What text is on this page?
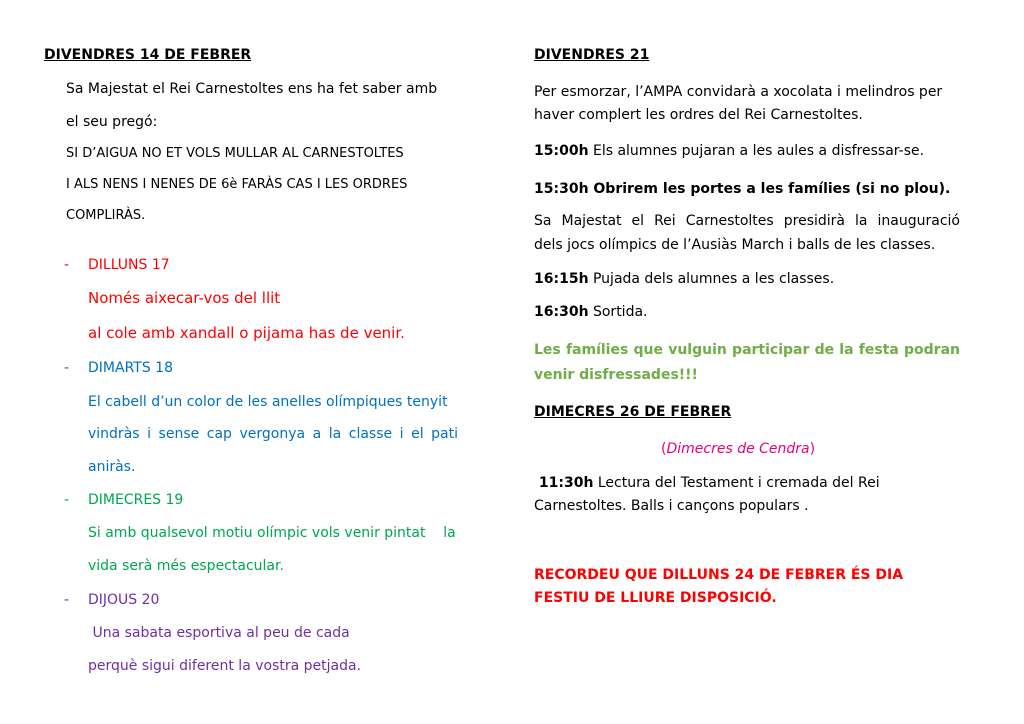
DIVENDRES 14 DE FEBRER
Sa Majestat el Rei Carnestoltes ens ha fet saber amb
el seu pregó:
SI D’AIGUA NO ET VOLS MULLAR AL CARNESTOLTES
I ALS NENS I NENES DE 6è FARÀS CAS I LES ORDRES
COMPLIRÀS.
- DILLUNS 17
Només aixecar-vos del llit
al cole amb xandall o pijama has de venir.
- DIMARTS 18
El cabell d’un color de les anelles olímpiques tenyit
vindràs i sense cap vergonya a la classe i el pati
aniràs.
- DIMECRES 19
Si amb qualsevol motiu olímpic vols venir pintat    la
vida serà més espectacular.
- DIJOUS 20
Una sabata esportiva al peu de cada
perquè sigui diferent la vostra petjada.
DIVENDRES 21
Per esmorzar, l’AMPA convidarà a xocolata i melindros per
haver complert les ordres del Rei Carnestoltes.
15:00h Els alumnes pujaran a les aules a disfressar-se.
15:30h Obrirem les portes a les famílies (si no plou).
Sa Majestat el Rei Carnestoltes presidirà la inauguració
dels jocs olímpics de l’Ausiàs March i balls de les classes.
16:15h Pujada dels alumnes a les classes.
16:30h Sortida.
Les famílies que vulguin participar de la festa podran
venir disfressades!!!
DIMECRES 26 DE FEBRER
(Dimecres de Cendra)
11:30h Lectura del Testament i cremada del Rei
Carnestoltes. Balls i cançons populars .
RECORDEU QUE DILLUNS 24 DE FEBRER ÉS DIA
FESTIU DE LLIURE DISPOSICIÓ.
